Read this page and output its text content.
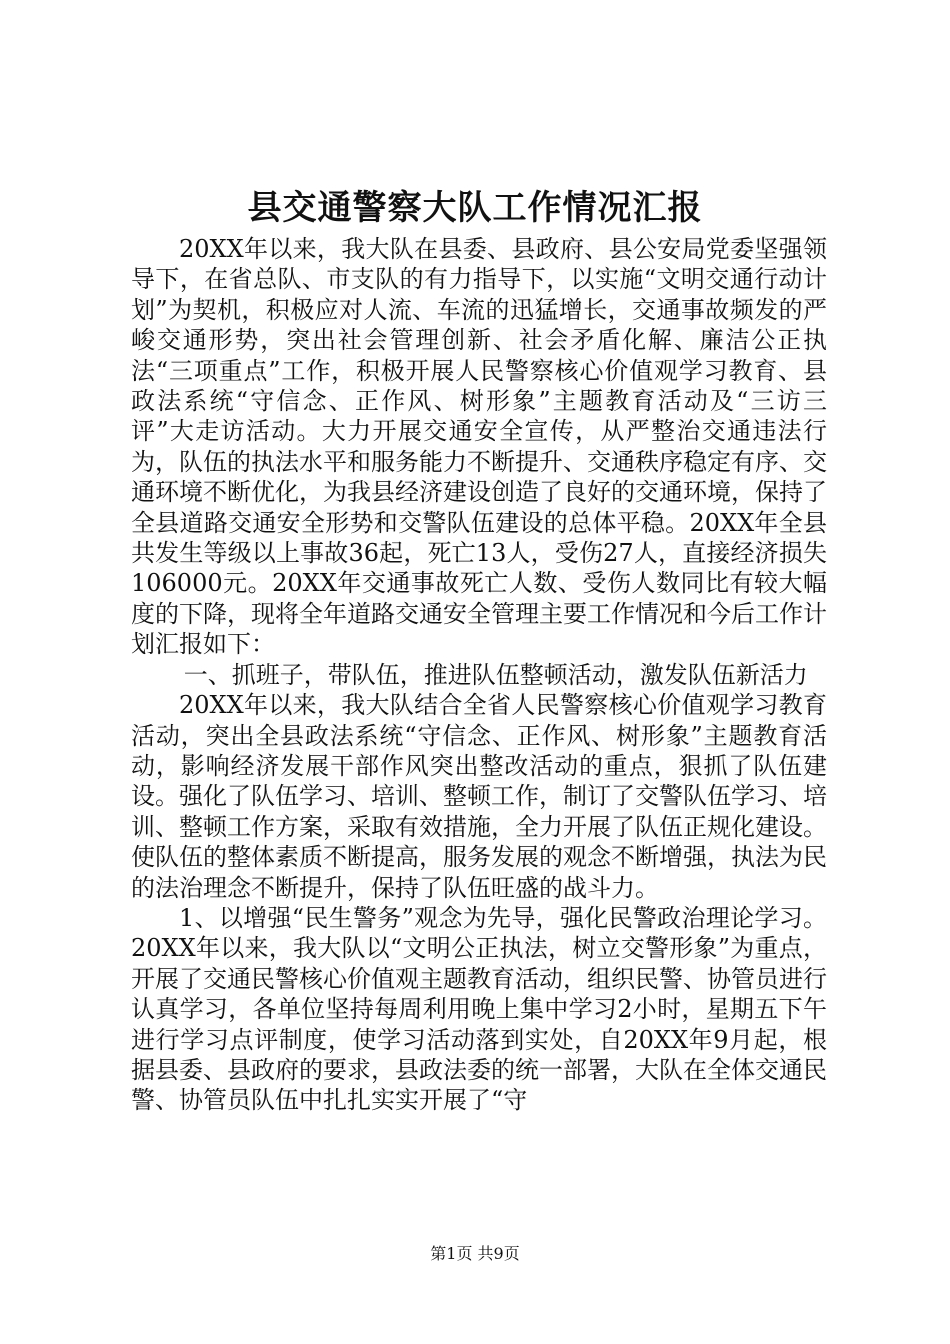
县交通警察大队工作情况汇报

20XX年以来，我大队在县委、县政府、县公安局党委坚强领导下，在省总队、市支队的有力指导下，以实施“文明交通行动计划”为契机，积极应对人流、车流的迅猛增长，交通事故频发的严峻交通形势，突出社会管理创新、社会矛盾化解、廉洁公正执法“三项重点”工作，积极开展人民警察核心价值观学习教育、县政法系统“守信念、正作风、树形象”主题教育活动及“三访三评”大走访活动。大力开展交通安全宣传，从严整治交通违法行为，队伍的执法水平和服务能力不断提升、交通秩序稳定有序、交通环境不断优化，为我县经济建设创造了良好的交通环境，保持了全县道路交通安全形势和交警队伍建设的总体平稳。20XX年全县共发生等级以上事故36起，死亡13人，受伤27人，直接经济损失106000元。20XX年交通事故死亡人数、受伤人数同比有较大幅度的下降，现将全年道路交通安全管理主要工作情况和今后工作计划汇报如下：

一、抓班子，带队伍，推进队伍整顿活动，激发队伍新活力

20XX年以来，我大队结合全省人民警察核心价值观学习教育活动，突出全县政法系统“守信念、正作风、树形象”主题教育活动，影响经济发展干部作风突出整改活动的重点，狠抓了队伍建设。强化了队伍学习、培训、整顿工作，制订了交警队伍学习、培训、整顿工作方案，采取有效措施，全力开展了队伍正规化建设。使队伍的整体素质不断提高，服务发展的观念不断增强，执法为民的法治理念不断提升，保持了队伍旺盛的战斗力。

1、以增强“民生警务”观念为先导，强化民警政治理论学习。20XX年以来，我大队以“文明公正执法，树立交警形象”为重点，开展了交通民警核心价值观主题教育活动，组织民警、协管员进行认真学习，各单位坚持每周利用晚上集中学习2小时，星期五下午进行学习点评制度，使学习活动落到实处，自20XX年9月起，根据县委、县政府的要求，县政法委的统一部署，大队在全体交通民警、协管员队伍中扎扎实实开展了“守

第1页 共9页
